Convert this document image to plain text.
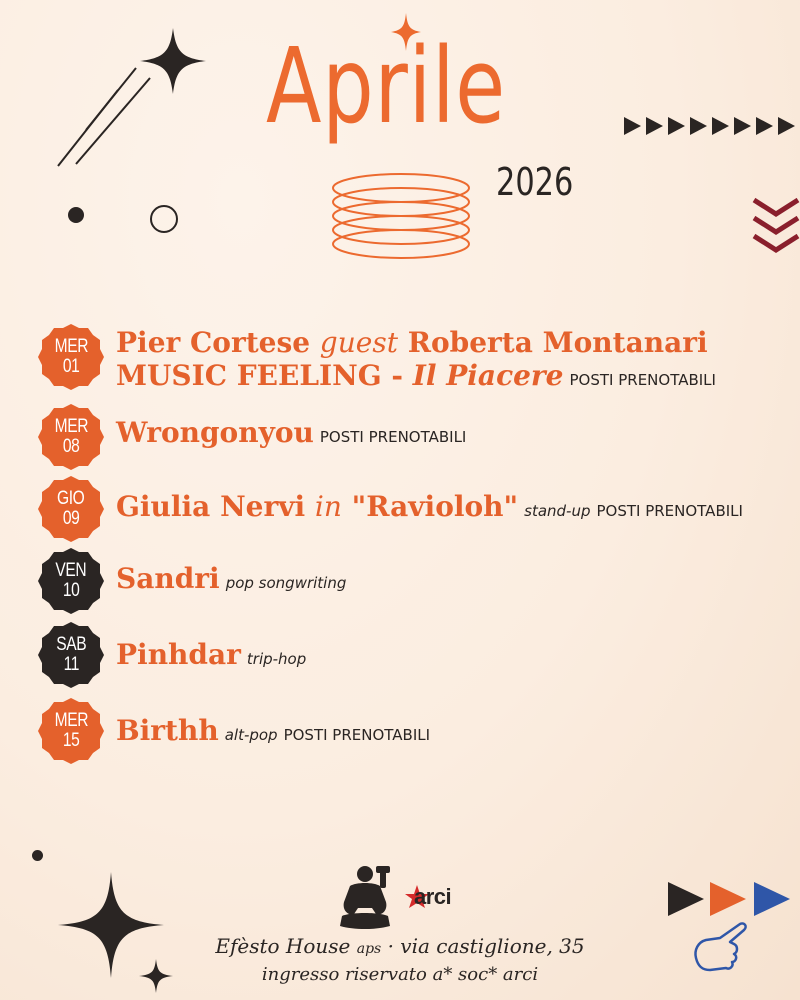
Aprile
2026
MER
01
Pier Cortese guest Roberta Montanari
MUSIC FEELING - Il Piacere POSTI PRENOTABILI
MER
08 Wrongonyou POSTI PRENOTABILI
GIO
09 Giulia Nervi in "Ravioloh" stand-up POSTI PRENOTABILI
VEN
10 Sandri pop songwriting
SAB
11 Pinhdar trip-hop
MER
15 Birthh alt-pop POSTI PRENOTABILI
arci
Efèsto House aps · via castiglione, 35
ingresso riservato a* soc* arci
